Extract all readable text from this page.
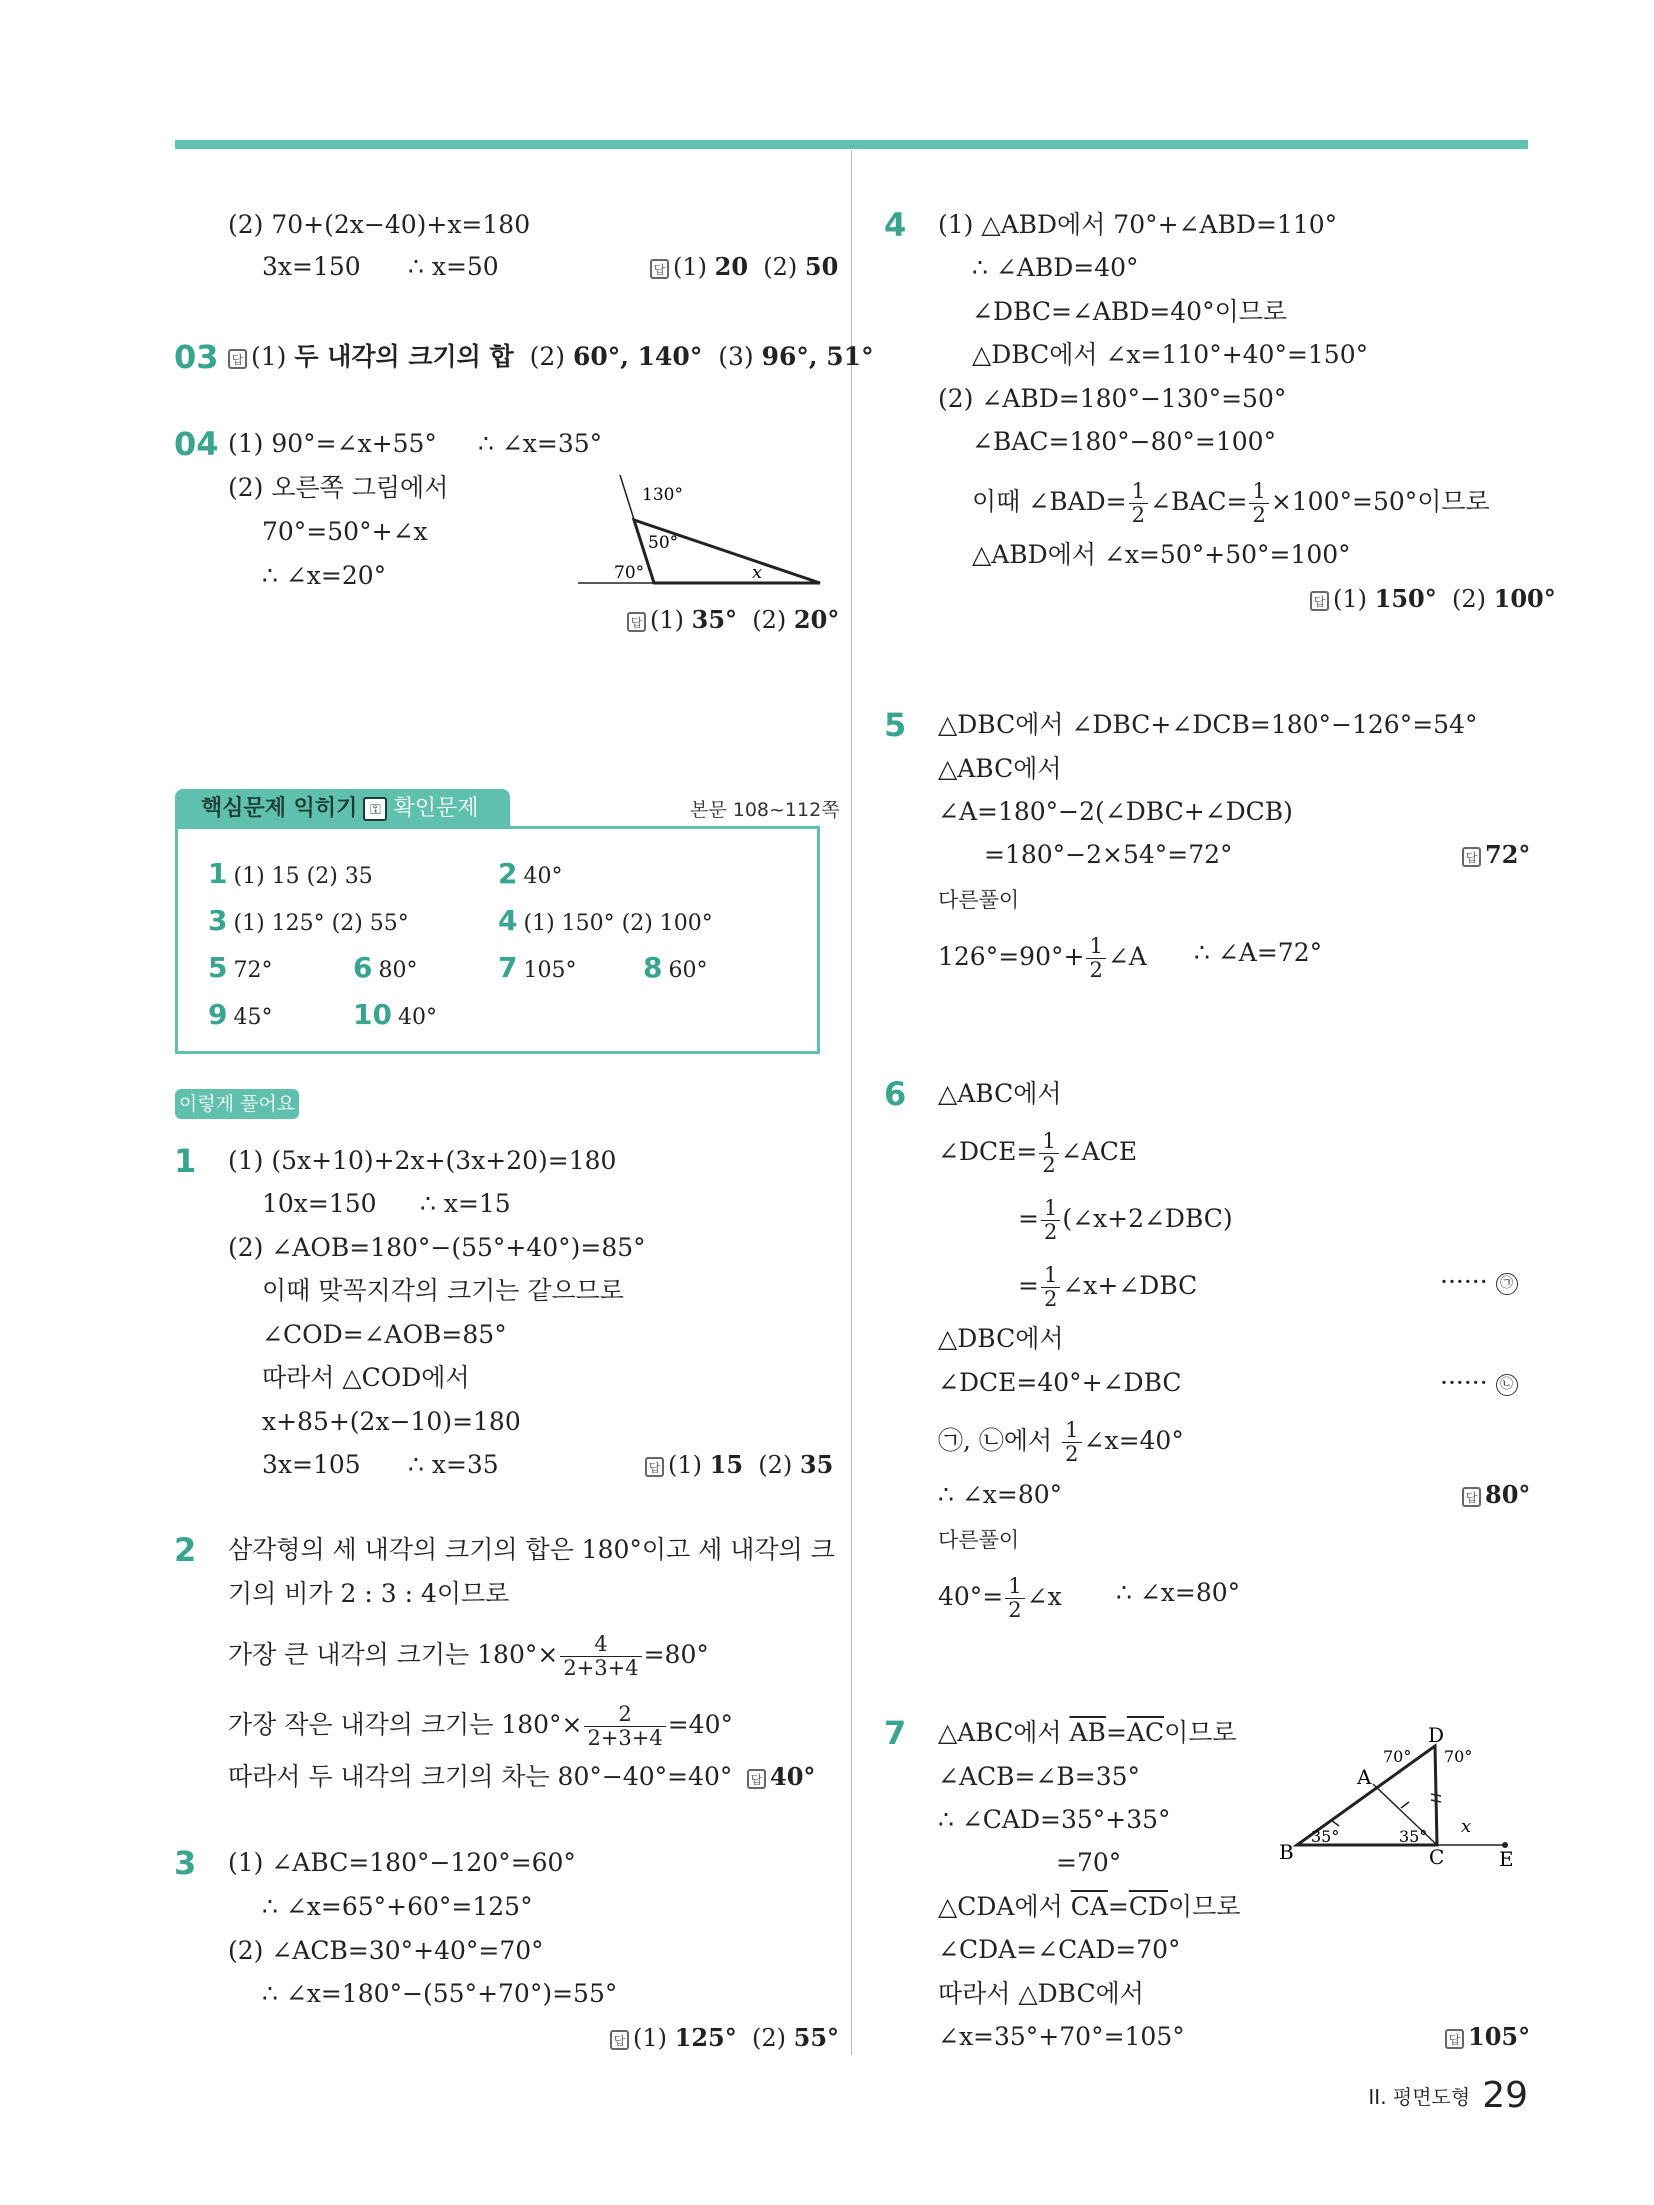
(2) 70+(2x−40)+x=180
3x=150 ∴ x=50	답 (1) 20 (2) 50
03	답 (1) 두 내각의 크기의 합 (2) 60°, 140° (3) 96°, 51°
04 (1) 90°=∠x+55° ∴ ∠x=35°
(2) 오른쪽 그림에서
70°=50°+∠x
∴ ∠x=20°
130°
50°
70°	x
답 (1) 35° (2) 20°
핵심문제 익히기 ⚿ 확인문제	본문 108~112쪽
1 (1) 15 (2) 35	2 40°
3 (1) 125° (2) 55°	4 (1) 150° (2) 100°
5 72°	6 80°	7 105° 8 60°
9 45°	10 40°
이렇게 풀어요
1 (1) (5x+10)+2x+(3x+20)=180
10x=150 ∴ x=15
(2) ∠AOB=180°−(55°+40°)=85°
이때 맞꼭지각의 크기는 같으므로
∠COD=∠AOB=85°
따라서 △COD에서
x+85+(2x−10)=180
3x=105 ∴ x=35	답 (1) 15 (2) 35
2 삼각형의 세 내각의 크기의 합은 180°이고 세 내각의 크
기의 비가 2 : 3 : 4이므로
가장 큰 내각의 크기는 $180^\circ\times \frac{4}{2+3+4} =80^\circ$
가장 작은 내각의 크기는 $180^\circ\times \frac{2}{2+3+4} =40^\circ$
따라서 두 내각의 크기의 차는 80°−40°=40°	답 40°
3 (1) ∠ABC=180°−120°=60°
∴ ∠x=65°+60°=125°
(2) ∠ACB=30°+40°=70°
∴ ∠x=180°−(55°+70°)=55°
답 (1) 125° (2) 55°
4 (1) △ABD에서 70°+∠ABD=110°
∴ ∠ABD=40°
∠DBC=∠ABD=40°이므로
△DBC에서 ∠x=110°+40°=150°
(2) ∠ABD=180°−130°=50°
∠BAC=180°−80°=100°
이때 ∠BAD= $\frac{1}{2}$ ∠BAC= $\frac{1}{2} \times 100^\circ=50^\circ$이므로
△ABD에서 ∠x=50°+50°=100°
답 (1) 150° (2) 100°
5 △DBC에서 ∠DBC+∠DCB=180°−126°=54°
△ABC에서
∠A=180°−2(∠DBC+∠DCB)
=180°−2×54°=72°	답 72°
다른풀이
$126^\circ=90^\circ+ \frac{1}{2}$ ∠A ∴ ∠A=72°
6 △ABC에서
∠DCE= $\frac{1}{2}$ ∠ACE
= $\frac{1}{2}$ (∠x+2∠DBC)
= $\frac{1}{2}$ ∠x+∠DBC	······ ㉠
△DBC에서
∠DCE=40°+∠DBC	······ ㉡
㉠, ㉡에서 $\frac{1}{2}$ ∠x=40°
∴ ∠x=80°	답 80°
다른풀이
$40^\circ= \frac{1}{2}$ ∠x ∴ ∠x=80°
7 △ABC에서 $\overline{AB}=\overline{AC}$이므로
∠ACB=∠B=35°
∴ ∠CAD=35°+35°
=70°
△CDA에서 $\overline{CA}=\overline{CD}$이므로
∠CDA=∠CAD=70°
따라서 △DBC에서
∠x=35°+70°=105°	답 105°
B
A
C
D
E
70° 70°
35°	35° x
II. 평면도형 29
